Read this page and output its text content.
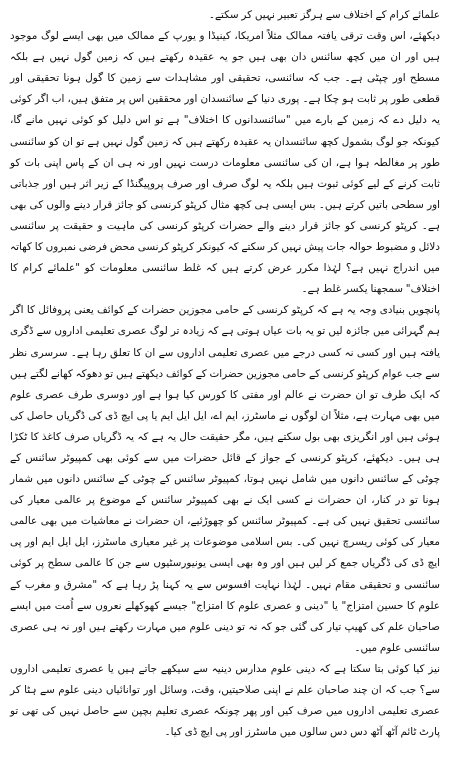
علمائے کرام کے اختلاف سے ہرگز تعبیر نہیں کر سکتے۔

دیکھئے، اس وقت ترقی یافتہ ممالک مثلاً امریکا، کینیڈا و یورپ کے ممالک میں بھی ایسے لوگ موجود ہیں اور ان میں کچھ سائنس دان بھی ہیں جو یہ عقیدہ رکھتے ہیں کہ زمین گول نہیں ہے بلکہ مسطح اور چپٹی ہے۔ جب کہ سائنسی، تحقیقی اور مشاہدات سے زمین کا گول ہونا تحقیقی اور قطعی طور پر ثابت ہو چکا ہے۔ پوری دنیا کے سائنسدان اور محققین اس پر متفق ہیں، اب اگر کوئی یہ دلیل دے کہ زمین کے بارے میں "سائنسدانوں کا اختلاف" ہے تو اس دلیل کو کوئی نہیں مانے گا، کیونکہ جو لوگ بشمول کچھ سائنسدان یہ عقیدہ رکھتے ہیں کہ زمین گول نہیں ہے تو ان کو سائنسی طور پر مغالطہ ہوا ہے، ان کی سائنسی معلومات درست نہیں اور نہ ہی ان کے پاس اپنی بات کو ثابت کرنے کے لیے کوئی ثبوت ہیں بلکہ یہ لوگ صرف اور صرف پروپیگنڈا کے زیر اثر ہیں اور جذباتی اور سطحی باتیں کرتے ہیں۔ بس ایسی ہی کچھ مثال کرپٹو کرنسی کو جائز قرار دینے والوں کی بھی ہے۔ کرپٹو کرنسی کو جائز قرار دینے والے حضرات کرپٹو کرنسی کی ماہیت و حقیقت پر سائنسی دلائل و مضبوط حوالہ جات پیش نہیں کر سکتے کہ کیونکر کرپٹو کرنسی محض فرضی نمبروں کا کھاتہ میں اندراج نہیں ہے؟ لہٰذا مکرر عرض کرتے ہیں کہ غلط سائنسی معلومات کو "علمائے کرام کا اختلاف" سمجھنا یکسر غلط ہے۔

پانچویں بنیادی وجہ یہ ہے کہ کرپٹو کرنسی کے حامی مجوزین حضرات کے کوائف یعنی پروفائل کا اگر ہم گہرائی میں جائزہ لیں تو یہ بات عیاں ہوتی ہے کہ زیادہ تر لوگ عصری تعلیمی اداروں سے ڈگری یافتہ ہیں اور کسی نہ کسی درجے میں عصری تعلیمی اداروں سے ان کا تعلق رہا ہے۔ سرسری نظر سے جب عوام کرپٹو کرنسی کے حامی مجوزین حضرات کے کوائف دیکھتے ہیں تو دھوکہ کھانے لگتے ہیں کہ ایک طرف تو ان حضرت نے عالم اور مفتی کا کورس کیا ہوا ہے اور دوسری طرف عصری علوم میں بھی مہارت ہے، مثلاً ان لوگوں نے ماسٹرز، ایم اے، ایل ایل ایم یا پی ایچ ڈی کی ڈگریاں حاصل کی ہوئی ہیں اور انگریزی بھی بول سکتے ہیں، مگر حقیقت حال یہ ہے کہ یہ ڈگریاں صرف کاغذ کا ٹکڑا ہی ہیں۔ دیکھئے، کرپٹو کرنسی کے جواز کے قائل حضرات میں سے کوئی بھی کمپیوٹر سائنس کے چوٹی کے سائنس دانوں میں شامل نہیں ہوتا، کمپیوٹر سائنس کے چوٹی کے سائنس دانوں میں شمار ہونا تو در کنار، ان حضرات نے کسی ایک نے بھی کمپیوٹر سائنس کے موضوع پر عالمی معیار کی سائنسی تحقیق نہیں کی ہے۔ کمپیوٹر سائنس کو چھوڑئیے، ان حضرات نے معاشیات میں بھی عالمی معیار کی کوئی ریسرچ نہیں کی۔ بس اسلامی موضوعات پر غیر معیاری ماسٹرز، ایل ایل ایم اور پی ایچ ڈی کی ڈگریاں جمع کر لیں ہیں اور وہ بھی ایسی یونیورسٹیوں سے جن کا عالمی سطح پر کوئی سائنسی و تحقیقی مقام نہیں۔ لہٰذا نہایت افسوس سے یہ کہنا پڑ رہا ہے کہ "مشرق و مغرب کے علوم کا حسین امتزاج" یا "دینی و عصری علوم کا امتزاج" جیسے کھوکھلے نعروں سے اُمت میں ایسے صاحبان علم کی کھیپ تیار کی گئی جو کہ نہ تو دینی علوم میں مہارت رکھتے ہیں اور نہ ہی عصری سائنسی علوم میں۔

نیز کیا کوئی بتا سکتا ہے کہ دینی علوم مدارس دینیہ سے سیکھے جاتے ہیں یا عصری تعلیمی اداروں سے؟ جب کہ ان چند صاحبان علم نے اپنی صلاحیتیں، وقت، وسائل اور توانائیاں دینی علوم سے ہٹا کر عصری تعلیمی اداروں میں صرف کیں اور پھر چونکہ عصری تعلیم بچپن سے حاصل نہیں کی تھی تو پارٹ ٹائم آٹھ آٹھ دس دس سالوں میں ماسٹرز اور پی ایچ ڈی کیا۔
